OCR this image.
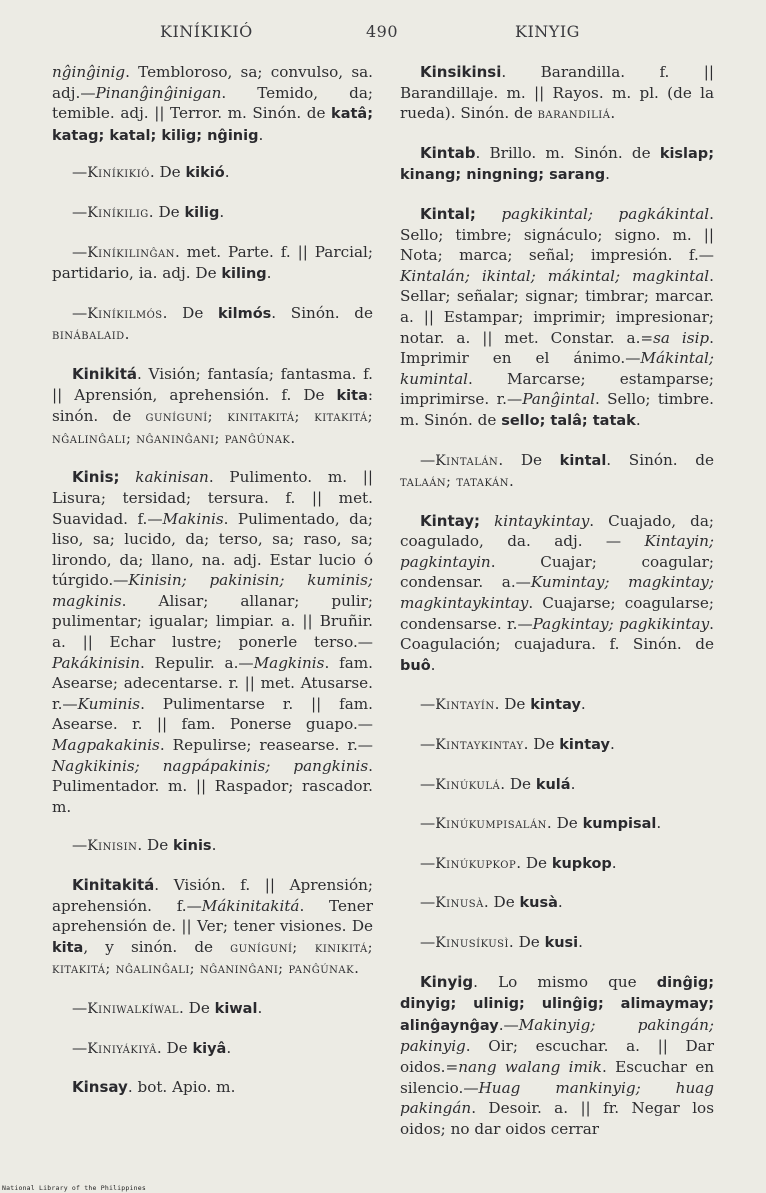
KINÍKIKIÓ	490	KINYIG

nĝinĝinig. Tembloroso, sa; convulso, sa. adj.—Pinanĝinĝinigan. Temido, da; temible. adj. || Terror. m. Sinón. de katâ; katag; katal; kilig; nĝinig.

—Kiníkikió. De kikió.

—Kiníkilig. De kilig.

—Kiníkilinĝan. met. Parte. f. || Parcial; partidario, ia. adj. De kiling.

—Kiníkilmós. De kilmós. Sinón. de binábalaid.

Kinikitá. Visión; fantasía; fantasma. f. || Aprensión, aprehensión. f. De kita: sinón. de guníguní; kinitakitá; kitakitá; nĝalinĝali; nĝaninĝani; panĝúnak.

Kinis; kakinisan. Pulimento. m. || Lisura; tersidad; tersura. f. || met. Suavidad. f.—Makinis. Pulimentado, da; liso, sa; lucido, da; terso, sa; raso, sa; lirondo, da; llano, na. adj. Estar lucio ó túrgido.—Kinisin; pakinisin; kuminis; magkinis. Alisar; allanar; pulir; pulimentar; igualar; limpiar. a. || Bruñir. a. || Echar lustre; ponerle terso.—Pakákinisin. Repulir. a.—Magkinis. fam. Asearse; adecentarse. r. || met. Atusarse. r.—Kuminis. Pulimentarse r. || fam. Asearse. r. || fam. Ponerse guapo.—Magpakakinis. Repulirse; reasearse. r.—Nagkikinis; nagpápakinis; pangkinis. Pulimentador. m. || Raspador; rascador. m.

—Kinisin. De kinis.

Kinitakitá. Visión. f. || Aprensión; aprehensión. f.—Mákinitakitá. Tener aprehensión de. || Ver; tener visiones. De kita, y sinón. de guníguní; kinikitá; kitakitá; nĝalinĝali; nĝaninĝani; panĝúnak.

—Kiniwalkíwal. De kiwal.

—Kiniyákiyâ. De kiyâ.

Kinsay. bot. Apio. m.

Kinsikinsi. Barandilla. f. || Barandillaje. m. || Rayos. m. pl. (de la rueda). Sinón. de barandiliá.

Kintab. Brillo. m. Sinón. de kislap; kinang; ningning; sarang.

Kintal; pagkikintal; pagkákintal. Sello; timbre; signáculo; signo. m. || Nota; marca; señal; impresión. f.—Kintalán; ikintal; mákintal; magkintal. Sellar; señalar; signar; timbrar; marcar. a. || Estampar; imprimir; impresionar; notar. a. || met. Constar. a.=sa isip. Imprimir en el ánimo.—Mákintal; kumintal. Marcarse; estamparse; imprimirse. r.—Panĝintal. Sello; timbre. m. Sinón. de sello; talâ; tatak.

—Kintalán. De kintal. Sinón. de talaán; tatakán.

Kintay; kintaykintay. Cuajado, da; coagulado, da. adj. — Kintayin; pagkintayin. Cuajar; coagular; condensar. a.—Kumintay; magkintay; magkintaykintay. Cuajarse; coagularse; condensarse. r.—Pagkintay; pagkikintay. Coagulación; cuajadura. f. Sinón. de buô.

—Kintayín. De kintay.

—Kintaykintay. De kintay.

—Kinúkulá. De kulá.

—Kinúkumpisalán. De kumpisal.

—Kinúkupkop. De kupkop.

—Kinusà. De kusà.

—Kinusíkusì. De kusi.

Kinyig. Lo mismo que dinĝig; dinyig; ulinig; ulinĝig; alimaymay; alinĝaynĝay.—Makinyig; pakingán; pakinyig. Oir; escuchar. a. || Dar oidos.=nang walang imik. Escuchar en silencio.—Huag mankinyig; huag pakingán. Desoir. a. || fr. Negar los oidos; no dar oidos cerrar

National Library of the Philippines
